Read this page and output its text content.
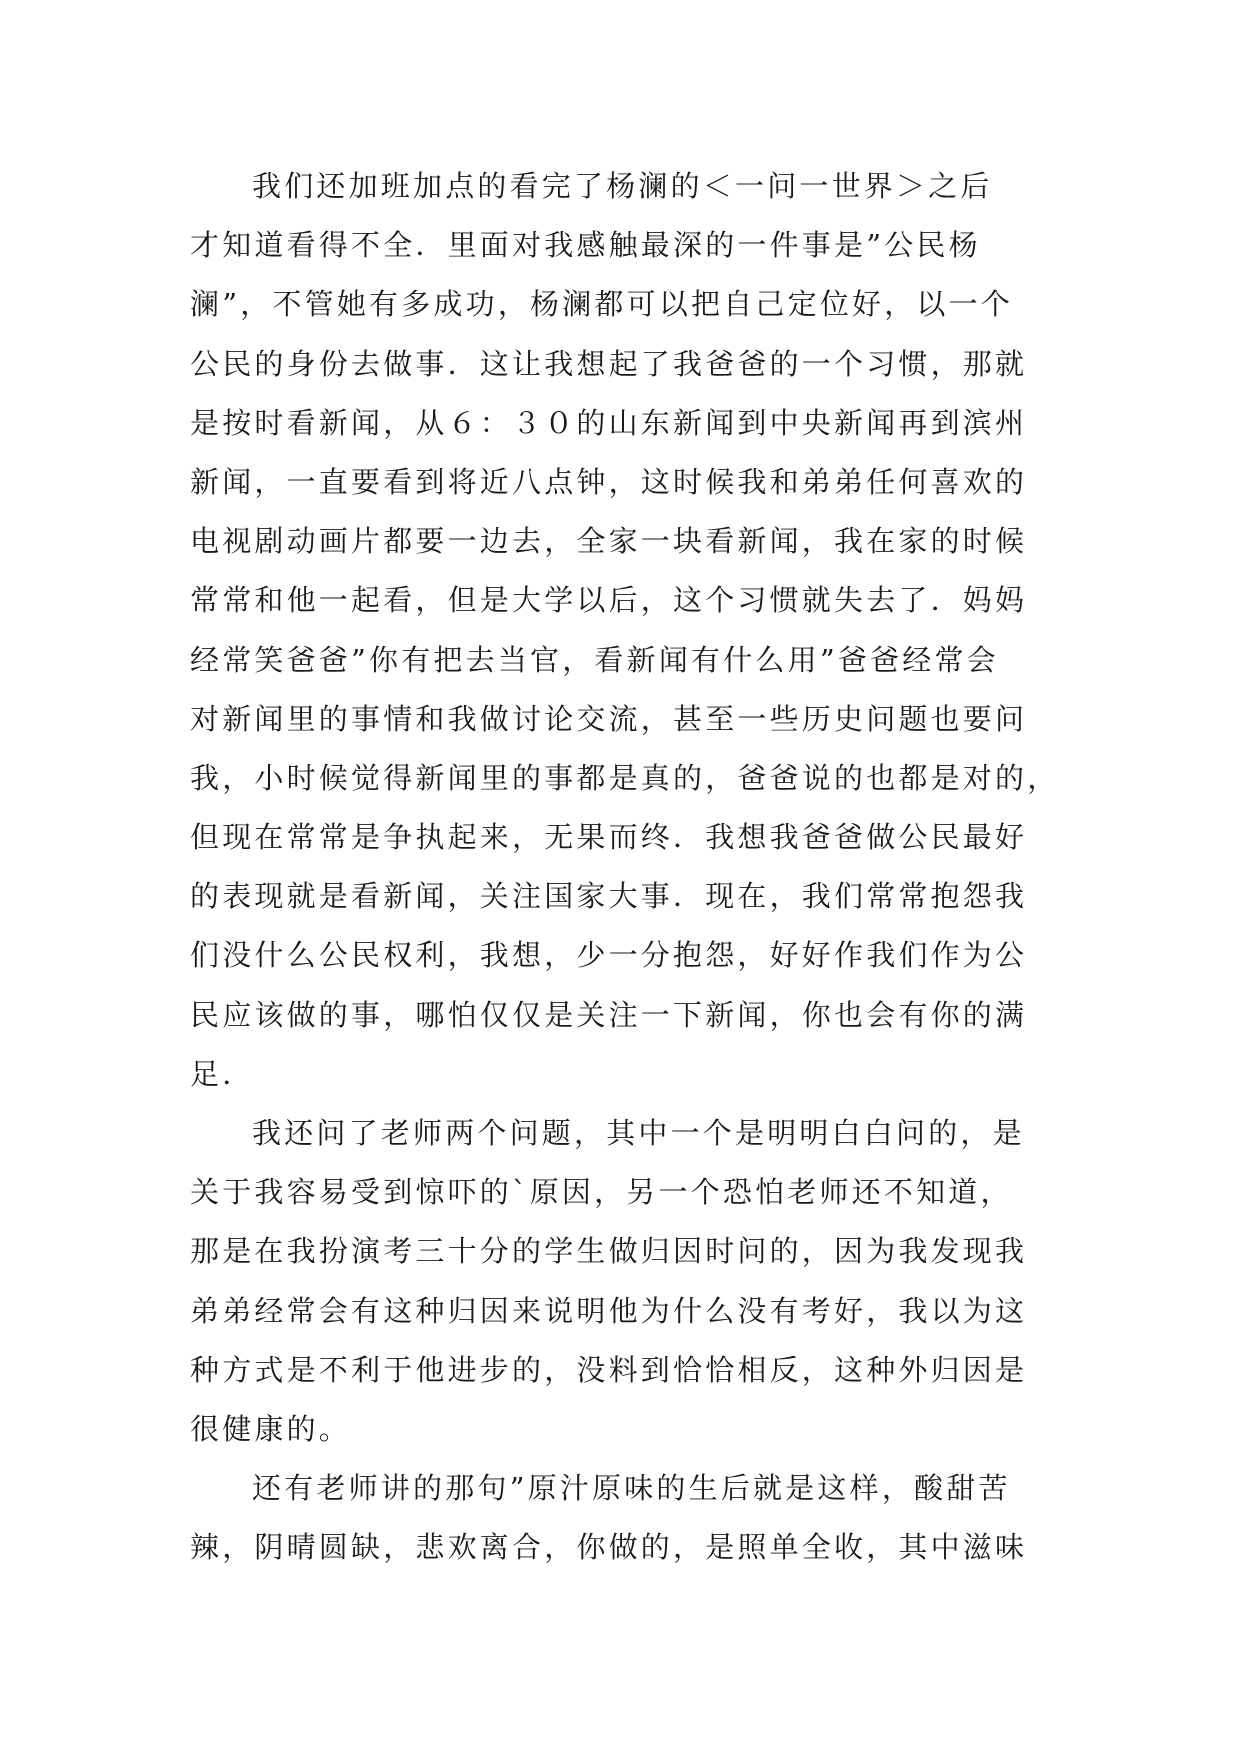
我们还加班加点的看完了杨澜的＜一问一世界＞之后
才知道看得不全．里面对我感触最深的一件事是”公民杨
澜”，不管她有多成功，杨澜都可以把自己定位好，以一个
公民的身份去做事．这让我想起了我爸爸的一个习惯，那就
是按时看新闻，从６：３０的山东新闻到中央新闻再到滨州
新闻，一直要看到将近八点钟，这时候我和弟弟任何喜欢的
电视剧动画片都要一边去，全家一块看新闻，我在家的时候
常常和他一起看，但是大学以后，这个习惯就失去了．妈妈
经常笑爸爸”你有把去当官，看新闻有什么用”爸爸经常会
对新闻里的事情和我做讨论交流，甚至一些历史问题也要问
我，小时候觉得新闻里的事都是真的，爸爸说的也都是对的，
但现在常常是争执起来，无果而终．我想我爸爸做公民最好
的表现就是看新闻，关注国家大事．现在，我们常常抱怨我
们没什么公民权利，我想，少一分抱怨，好好作我们作为公
民应该做的事，哪怕仅仅是关注一下新闻，你也会有你的满
足．
我还问了老师两个问题，其中一个是明明白白问的，是
关于我容易受到惊吓的`原因，另一个恐怕老师还不知道，
那是在我扮演考三十分的学生做归因时问的，因为我发现我
弟弟经常会有这种归因来说明他为什么没有考好，我以为这
种方式是不利于他进步的，没料到恰恰相反，这种外归因是
很健康的。
还有老师讲的那句”原汁原味的生后就是这样，酸甜苦
辣，阴晴圆缺，悲欢离合，你做的，是照单全收，其中滋味
